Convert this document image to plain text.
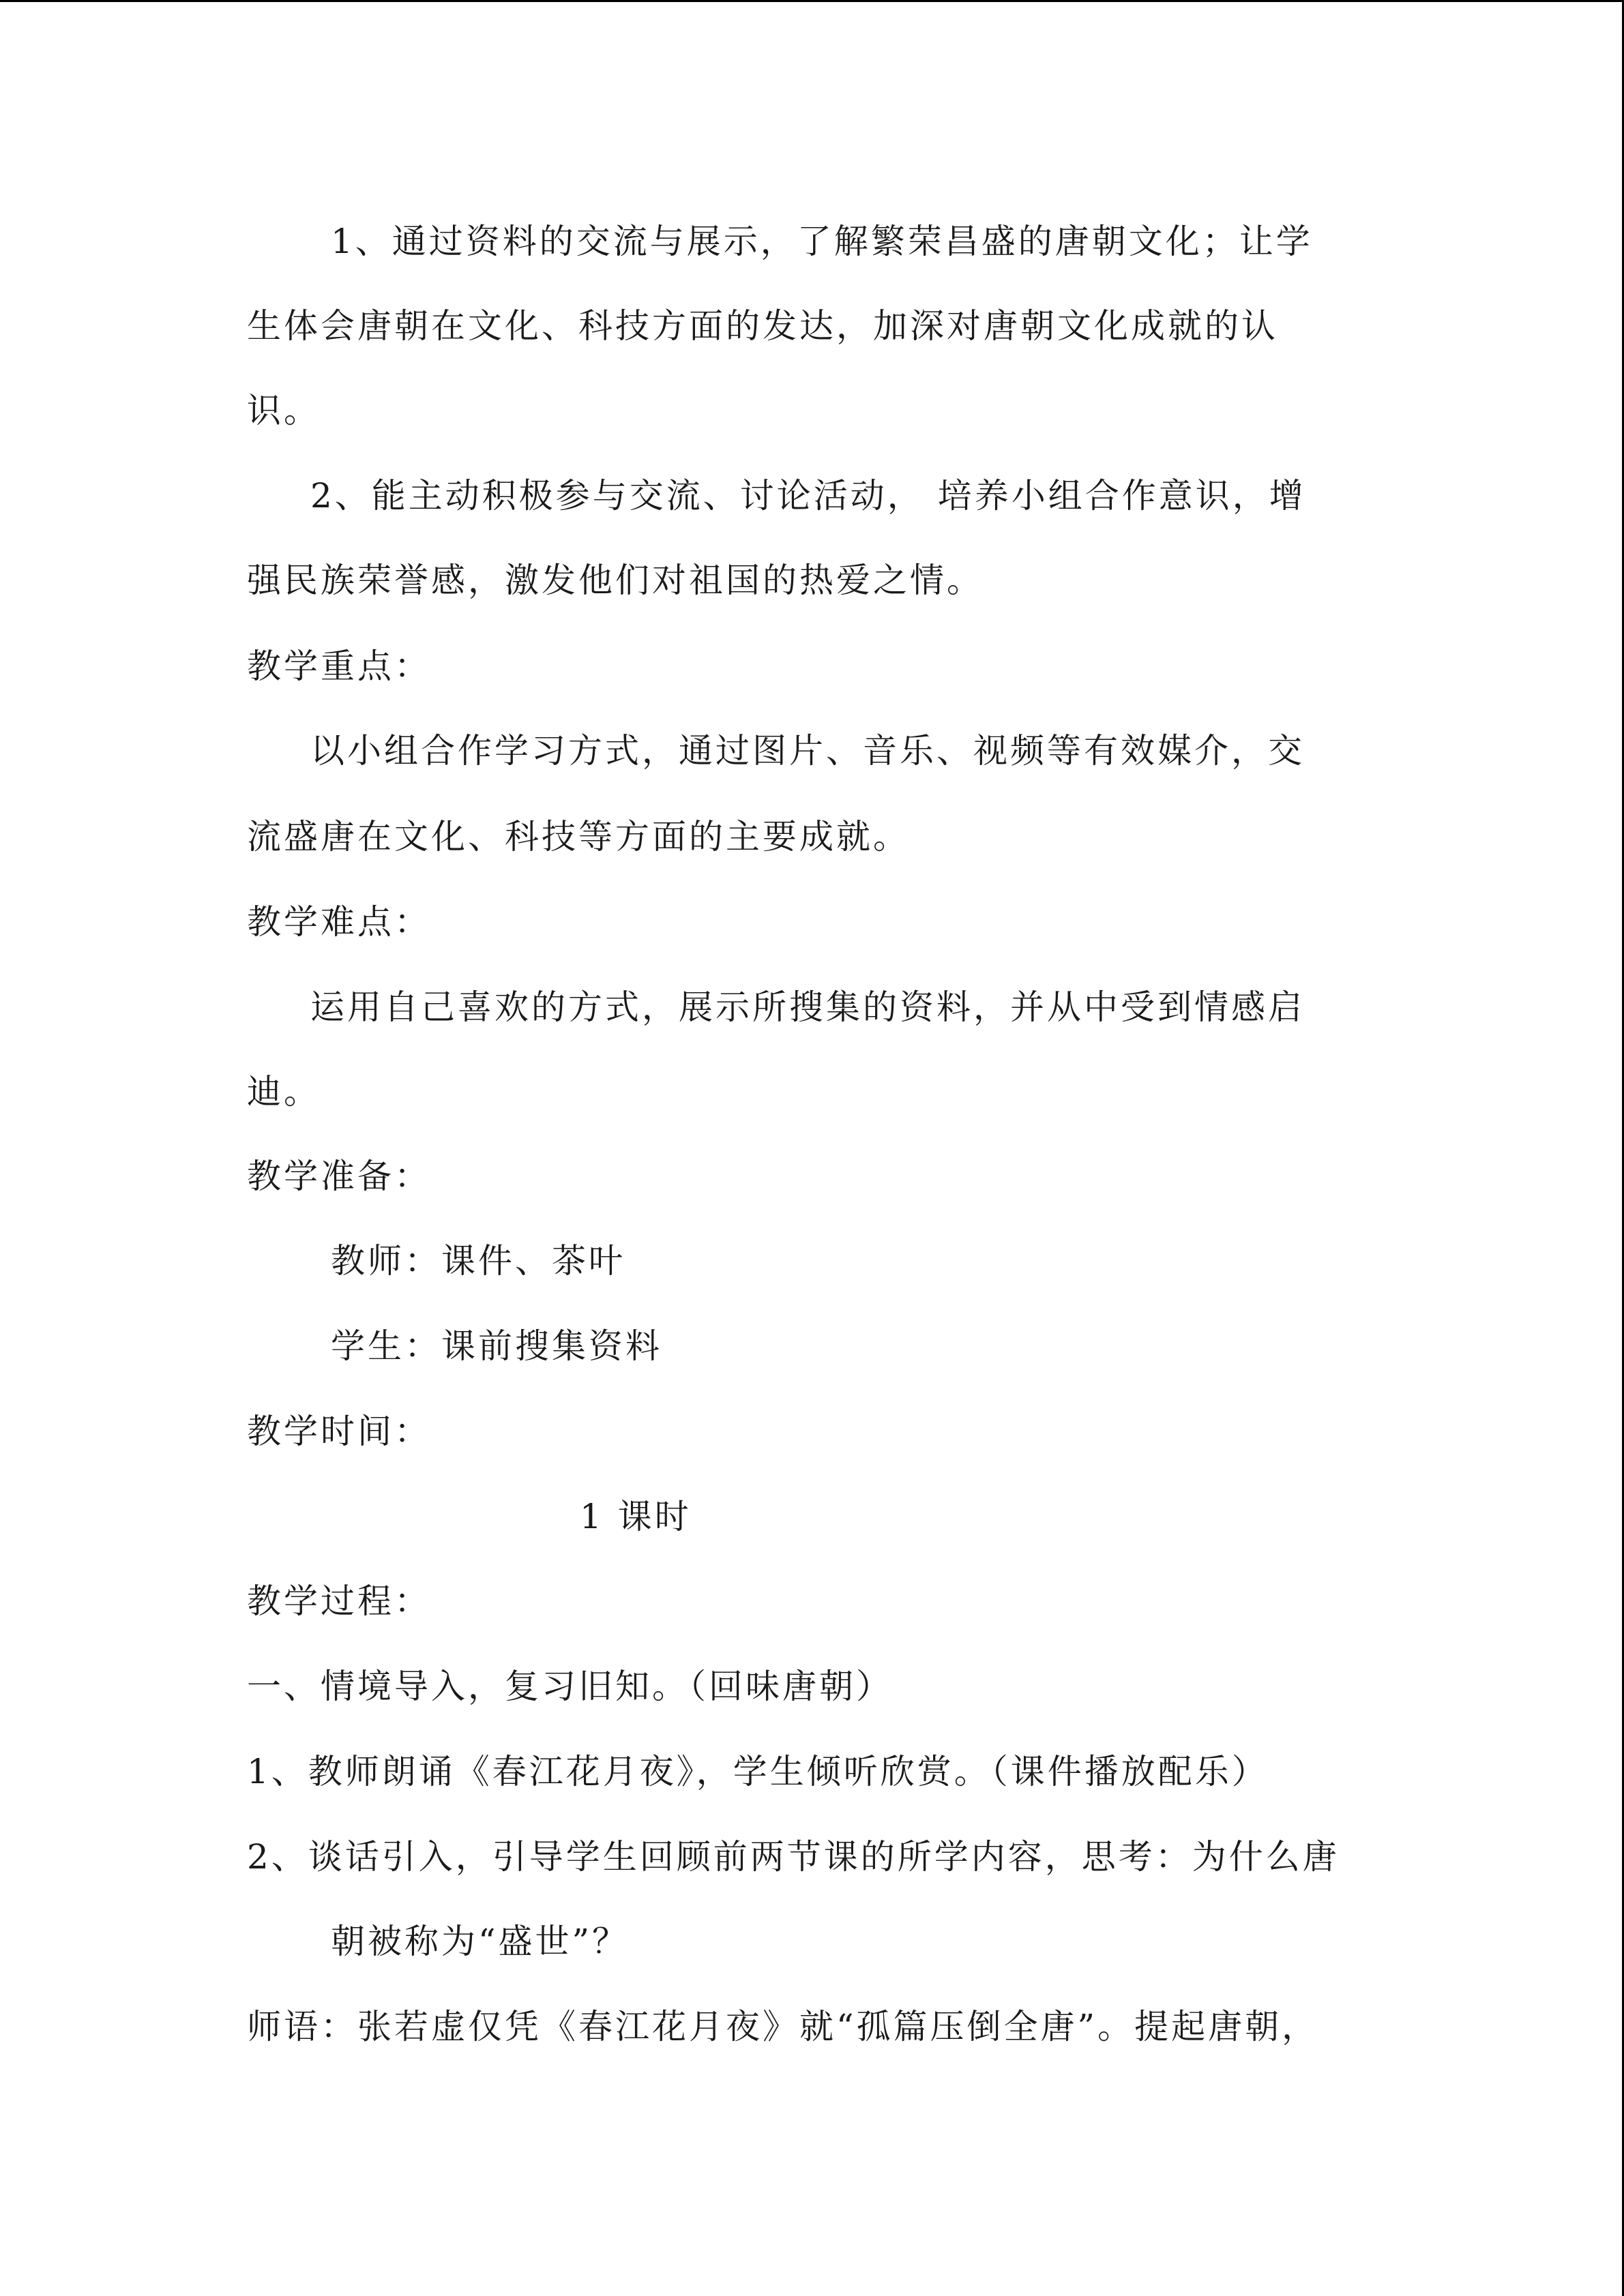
1、通过资料的交流与展示，了解繁荣昌盛的唐朝文化；让学
生体会唐朝在文化、科技方面的发达，加深对唐朝文化成就的认
识。
2、能主动积极参与交流、讨论活动， 培养小组合作意识，增
强民族荣誉感，激发他们对祖国的热爱之情。
教学重点：
以小组合作学习方式，通过图片、音乐、视频等有效媒介，交
流盛唐在文化、科技等方面的主要成就。
教学难点：
运用自己喜欢的方式，展示所搜集的资料，并从中受到情感启
迪。
教学准备：
教师：课件、茶叶
学生：课前搜集资料
教学时间：
1 课时
教学过程：
一、情境导入，复习旧知。（回味唐朝）
1、教师朗诵《春江花月夜》，学生倾听欣赏。（课件播放配乐）
2、谈话引入，引导学生回顾前两节课的所学内容，思考：为什么唐
朝被称为“盛世”？
师语：张若虚仅凭《春江花月夜》就“孤篇压倒全唐”。提起唐朝，
